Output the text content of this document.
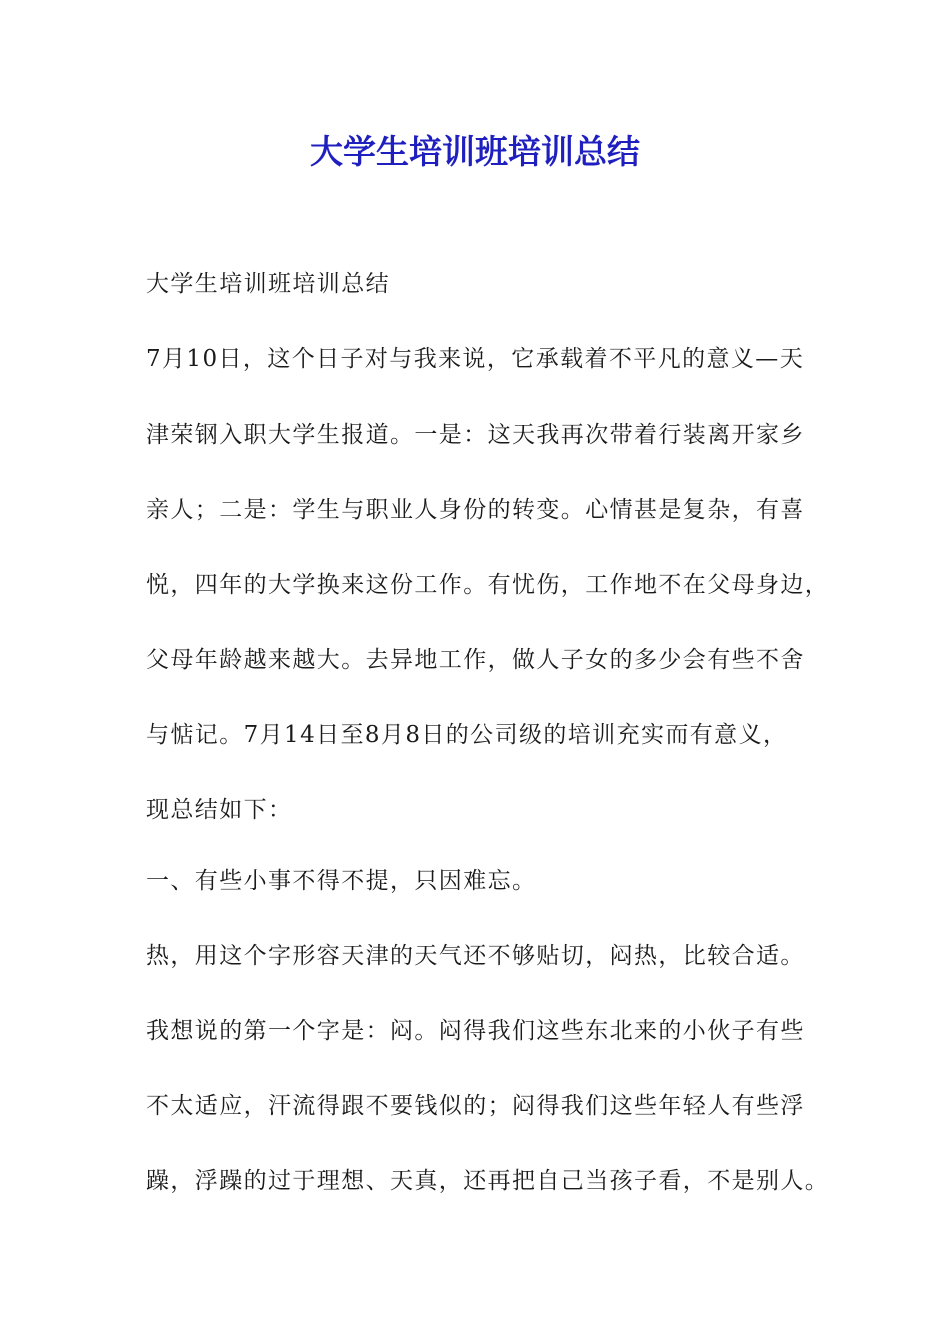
大学生培训班培训总结
大学生培训班培训总结
7月10日，这个日子对与我来说，它承载着不平凡的意义—天
津荣钢入职大学生报道。一是：这天我再次带着行装离开家乡
亲人；二是：学生与职业人身份的转变。心情甚是复杂，有喜
悦，四年的大学换来这份工作。有忧伤，工作地不在父母身边，
父母年龄越来越大。去异地工作，做人子女的多少会有些不舍
与惦记。7月14日至8月8日的公司级的培训充实而有意义，
现总结如下：
一、有些小事不得不提，只因难忘。
热，用这个字形容天津的天气还不够贴切，闷热，比较合适。
我想说的第一个字是：闷。闷得我们这些东北来的小伙子有些
不太适应，汗流得跟不要钱似的；闷得我们这些年轻人有些浮
躁，浮躁的过于理想、天真，还再把自己当孩子看，不是别人。
